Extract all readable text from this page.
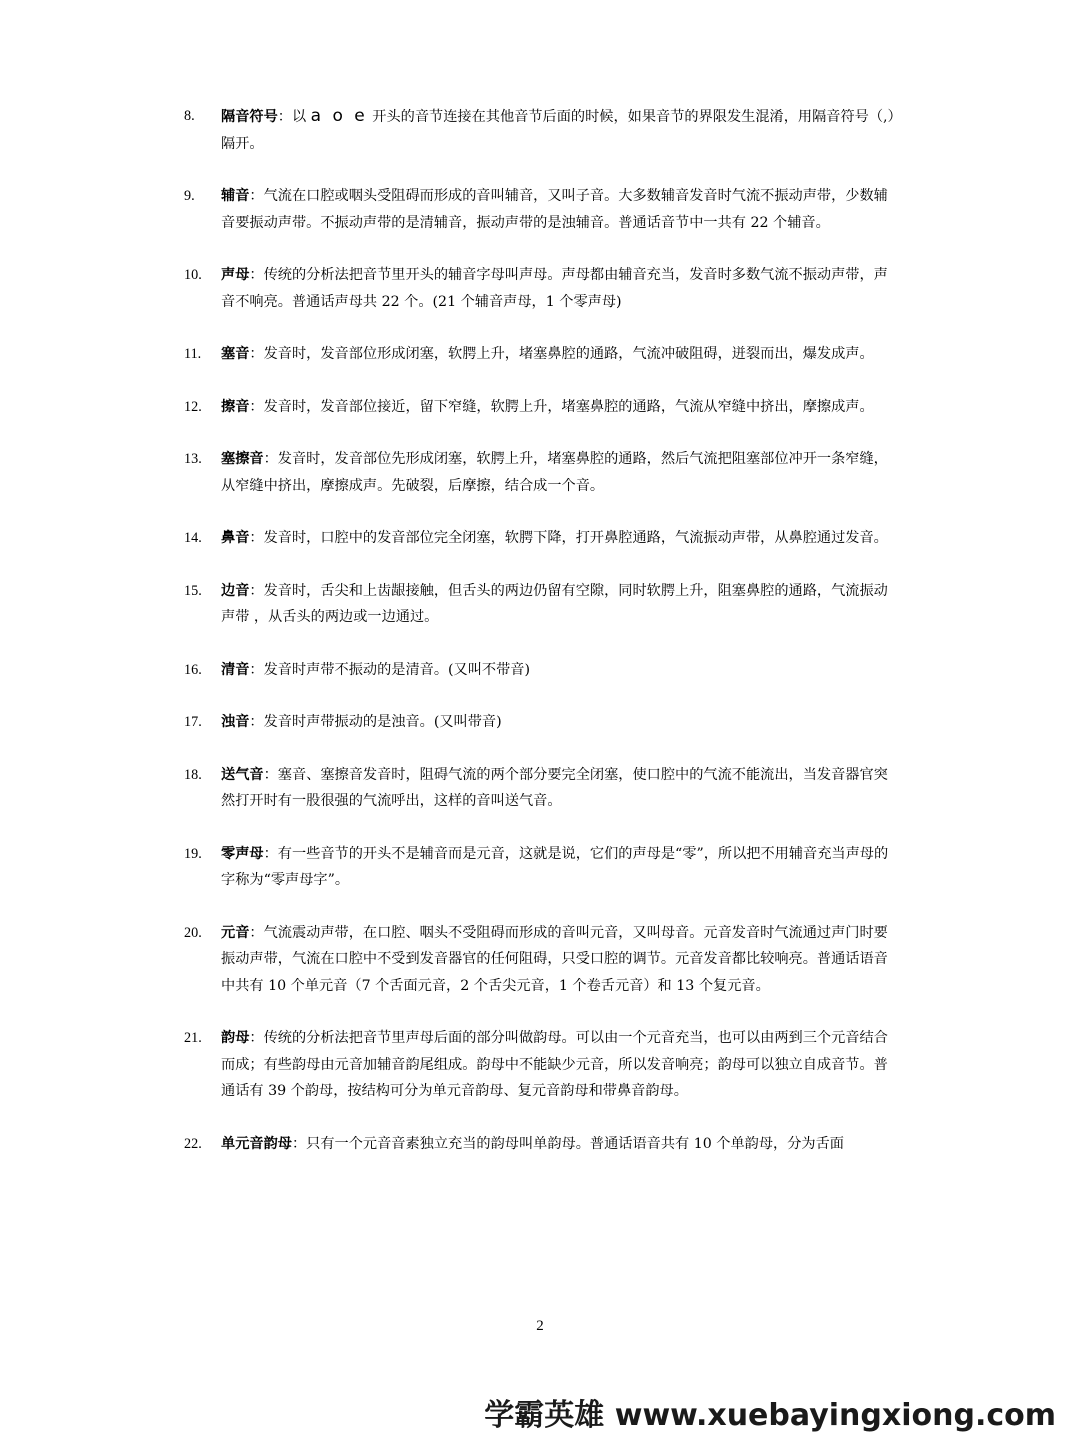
8. 隔音符号：以 a o e 开头的音节连接在其他音节后面的时候，如果音节的界限发生混淆，用隔音符号（,）隔开。
9. 辅音：气流在口腔或咽头受阻碍而形成的音叫辅音，又叫子音。大多数辅音发音时气流不振动声带，少数辅音要振动声带。不振动声带的是清辅音，振动声带的是浊辅音。普通话音节中一共有 22 个辅音。
10. 声母：传统的分析法把音节里开头的辅音字母叫声母。声母都由辅音充当，发音时多数气流不振动声带，声音不响亮。普通话声母共 22 个。(21 个辅音声母，1 个零声母)
11. 塞音：发音时，发音部位形成闭塞，软腭上升，堵塞鼻腔的通路，气流冲破阻碍，迸裂而出，爆发成声。
12. 擦音：发音时，发音部位接近，留下窄缝，软腭上升，堵塞鼻腔的通路，气流从窄缝中挤出，摩擦成声。
13. 塞擦音：发音时，发音部位先形成闭塞，软腭上升，堵塞鼻腔的通路，然后气流把阻塞部位冲开一条窄缝，从窄缝中挤出，摩擦成声。先破裂，后摩擦，结合成一个音。
14. 鼻音：发音时，口腔中的发音部位完全闭塞，软腭下降，打开鼻腔通路，气流振动声带，从鼻腔通过发音。
15. 边音：发音时，舌尖和上齿龈接触，但舌头的两边仍留有空隙，同时软腭上升，阻塞鼻腔的通路，气流振动声带 ，从舌头的两边或一边通过。
16. 清音：发音时声带不振动的是清音。(又叫不带音)
17. 浊音：发音时声带振动的是浊音。(又叫带音)
18. 送气音：塞音、塞擦音发音时，阻碍气流的两个部分要完全闭塞，使口腔中的气流不能流出，当发音器官突然打开时有一股很强的气流呼出，这样的音叫送气音。
19. 零声母：有一些音节的开头不是辅音而是元音，这就是说，它们的声母是“零”，所以把不用辅音充当声母的字称为“零声母字”。
20. 元音：气流震动声带，在口腔、咽头不受阻碍而形成的音叫元音，又叫母音。元音发音时气流通过声门时要振动声带，气流在口腔中不受到发音器官的任何阻碍，只受口腔的调节。元音发音都比较响亮。普通话语音中共有 10 个单元音（7 个舌面元音，2 个舌尖元音，1 个卷舌元音）和 13 个复元音。
21. 韵母：传统的分析法把音节里声母后面的部分叫做韵母。可以由一个元音充当，也可以由两到三个元音结合而成；有些韵母由元音加辅音韵尾组成。韵母中不能缺少元音，所以发音响亮；韵母可以独立自成音节。普通话有 39 个韵母，按结构可分为单元音韵母、复元音韵母和带鼻音韵母。
22. 单元音韵母：只有一个元音音素独立充当的韵母叫单韵母。普通话语音共有 10 个单韵母，分为舌面
2
学霸英雄 www.xuebayingxiong.com
